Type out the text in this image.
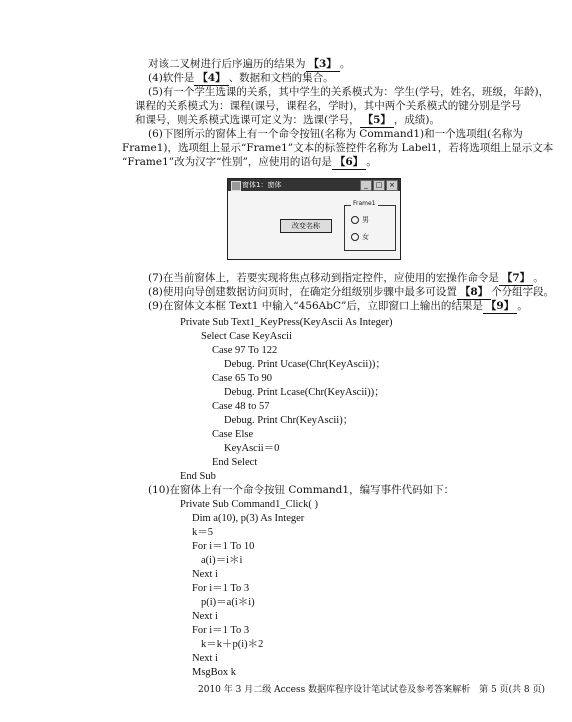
对该二叉树进行后序遍历的结果为 【3】 。
(4)软件是 【4】 、数据和文档的集合。
(5)有一个学生选课的关系，其中学生的关系模式为：学生(学号，姓名，班级，年龄)，
课程的关系模式为：课程(课号，课程名，学时)，其中两个关系模式的键分别是学号
和课号，则关系模式选课可定义为：选课(学号， 【5】 ，成绩)。
(6)下图所示的窗体上有一个命令按钮(名称为 Command1)和一个选项组(名称为
Frame1)，选项组上显示“Frame1”文本的标签控件名称为 Label1，若将选项组上显示文本
“Frame1”改为汉字“性别”，应使用的语句是 【6】 。
窗体1：窗体	_	□ ×
改变名称
Frame1
男
女
(7)在当前窗体上，若要实现将焦点移动到指定控件，应使用的宏操作命令是 【7】 。
(8)使用向导创建数据访问页时，在确定分组级别步骤中最多可设置 【8】 个分组字段。
(9)在窗体文本框 Text1 中输入“456AbC”后，立即窗口上输出的结果是 【9】 。
Private Sub Text1_KeyPress(KeyAscii As Integer)
Select Case KeyAscii
Case 97 To 122
Debug. Print Ucase(Chr(KeyAscii))；
Case 65 To 90
Debug. Print Lcase(Chr(KeyAscii))；
Case 48 to 57
Debug. Print Chr(KeyAscii)；
Case Else
KeyAscii＝0
End Select
End Sub
(10)在窗体上有一个命令按钮 Command1，编写事件代码如下：
Private Sub Command1_Click( )
Dim a(10), p(3) As Integer
k＝5
For i＝1 To 10
a(i)＝i＊i
Next i
For i＝1 To 3
p(i)＝a(i＊i)
Next i
For i＝1 To 3
k＝k＋p(i)＊2
Next i
MsgBox k
2010 年 3 月二级 Access 数据库程序设计笔试试卷及参考答案解析　第 5 页(共 8 页)
